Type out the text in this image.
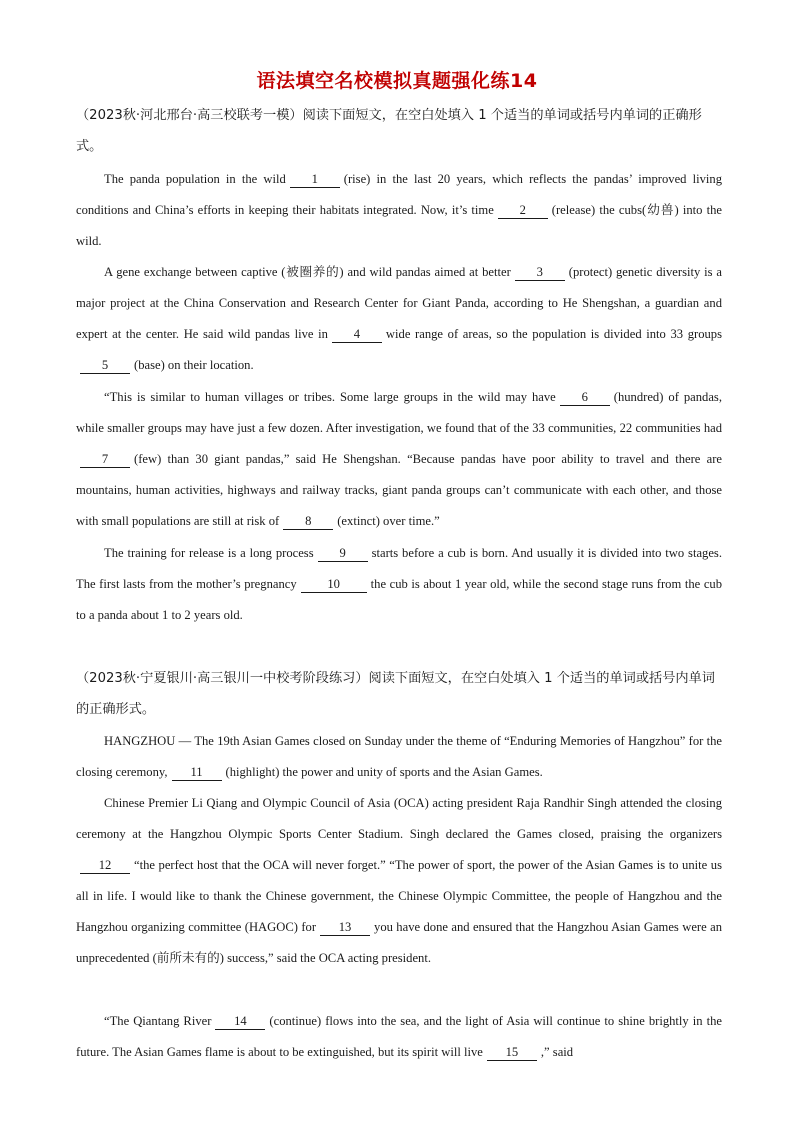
语法填空名校模拟真题强化练14
（2023秋·河北邢台·高三校联考一模）阅读下面短文，在空白处填入 1 个适当的单词或括号内单词的正确形式。

The panda population in the wild 1 (rise) in the last 20 years, which reflects the pandas’ improved living conditions and China’s efforts in keeping their habitats integrated. Now, it’s time 2 (release) the cubs(幼兽) into the wild.

A gene exchange between captive (被圈养的) and wild pandas aimed at better 3 (protect) genetic diversity is a major project at the China Conservation and Research Center for Giant Panda, according to He Shengshan, a guardian and expert at the center. He said wild pandas live in 4 wide range of areas, so the population is divided into 33 groups5 (base) on their location.

“This is similar to human villages or tribes. Some large groups in the wild may have 6 (hundred) of pandas, while smaller groups may have just a few dozen. After investigation, we found that of the 33 communities, 22 communities had7 (few) than 30 giant pandas,” said He Shengshan. “Because pandas have poor ability to travel and there are mountains, human activities, highways and railway tracks, giant panda groups can’t communicate with each other, and those with small populations are still at risk of 8 (extinct) over time.”

The training for release is a long process 9 starts before a cub is born. And usually it is divided into two stages. The first lasts from the mother’s pregnancy 10 the cub is about 1 year old, while the second stage runs from the cub to a panda about 1 to 2 years old.

（2023秋·宁夏银川·高三银川一中校考阶段练习）阅读下面短文，在空白处填入 1 个适当的单词或括号内单词的正确形式。

HANGZHOU — The 19th Asian Games closed on Sunday under the theme of “Enduring Memories of Hangzhou” for the closing ceremony, 11 (highlight) the power and unity of sports and the Asian Games.

Chinese Premier Li Qiang and Olympic Council of Asia (OCA) acting president Raja Randhir Singh attended the closing ceremony at the Hangzhou Olympic Sports Center Stadium. Singh declared the Games closed, praising the organizers12 “the perfect host that the OCA will never forget.” “The power of sport, the power of the Asian Games is to unite us all in life. I would like to thank the Chinese government, the Chinese Olympic Committee, the people of Hangzhou and the Hangzhou organizing committee (HAGOC) for 13 you have done and ensured that the Hangzhou Asian Games were an unprecedented (前所未有的) success,” said the OCA acting president.

“The Qiantang River 14 (continue) flows into the sea, and the light of Asia will continue to shine brightly in the future. The Asian Games flame is about to be extinguished, but its spirit will live 15 ,” said
